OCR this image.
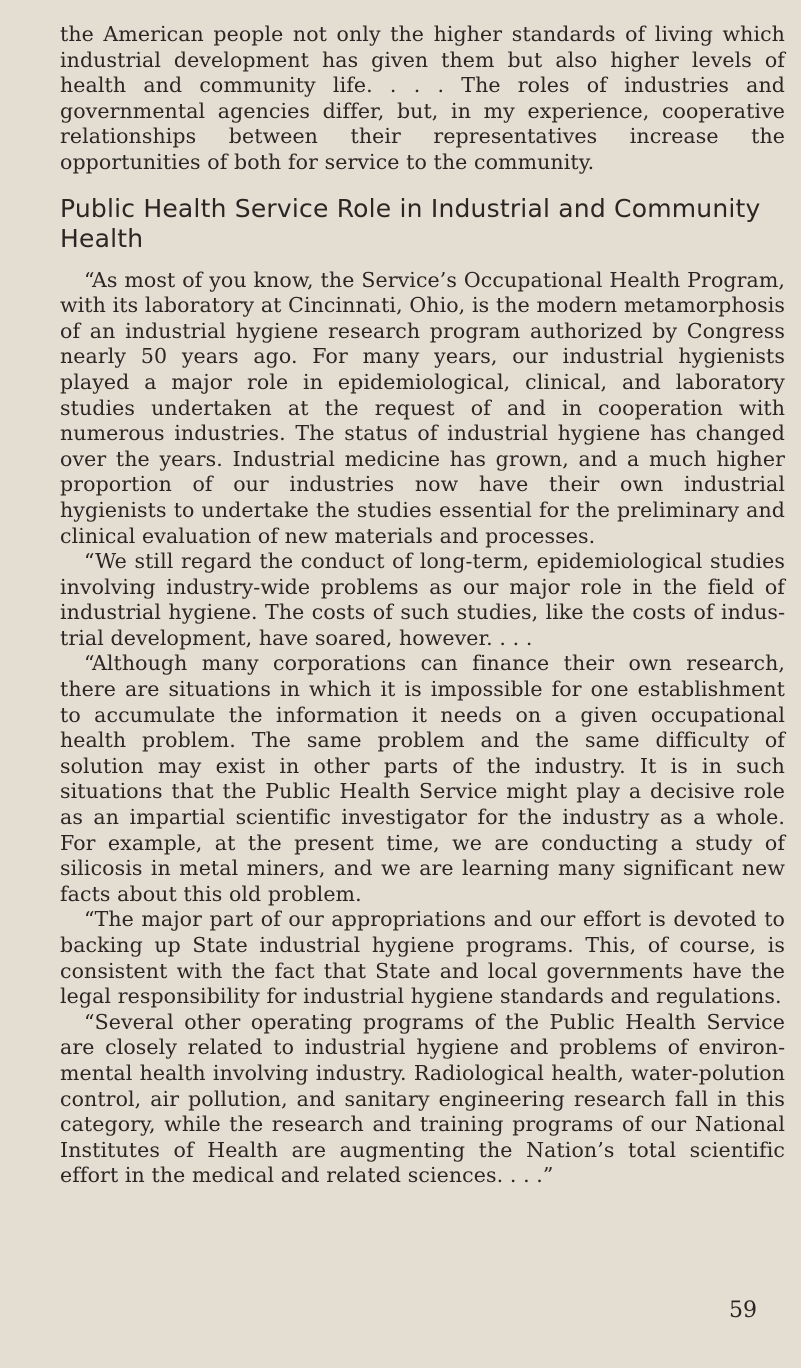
the American people not only the higher standards of living which industrial development has given them but also higher levels of health and community life. . . . The roles of industries and governmental agencies differ, but, in my experience, cooperative relationships between their representatives increase the opportunities of both for service to the community.

Public Health Service Role in Industrial and Community Health

“As most of you know, the Service’s Occupational Health Program, with its laboratory at Cincinnati, Ohio, is the modern metamorphosis of an industrial hygiene research program authorized by Congress nearly 50 years ago. For many years, our industrial hygienists played a major role in epidemiological, clinical, and laboratory studies undertaken at the request of and in cooperation with numerous industries. The status of industrial hygiene has changed over the years. Industrial medicine has grown, and a much higher proportion of our industries now have their own industrial hygienists to undertake the studies essential for the preliminary and clinical evaluation of new materials and processes.

“We still regard the conduct of long-term, epidemiological studies involving industry-wide problems as our major role in the field of industrial hygiene. The costs of such studies, like the costs of industrial development, have soared, however. . . .

“Although many corporations can finance their own research, there are situations in which it is impossible for one establishment to accumulate the information it needs on a given occupational health problem. The same problem and the same difficulty of solution may exist in other parts of the industry. It is in such situations that the Public Health Service might play a decisive role as an impartial scientific investigator for the industry as a whole. For example, at the present time, we are conducting a study of silicosis in metal miners, and we are learning many significant new facts about this old problem.

“The major part of our appropriations and our effort is devoted to backing up State industrial hygiene programs. This, of course, is consistent with the fact that State and local governments have the legal responsibility for industrial hygiene standards and regulations.

“Several other operating programs of the Public Health Service are closely related to industrial hygiene and problems of environmental health involving industry. Radiological health, water-polution control, air pollution, and sanitary engineering research fall in this category, while the research and training programs of our National Institutes of Health are augmenting the Nation’s total scientific effort in the medical and related sciences. . . .”

59
